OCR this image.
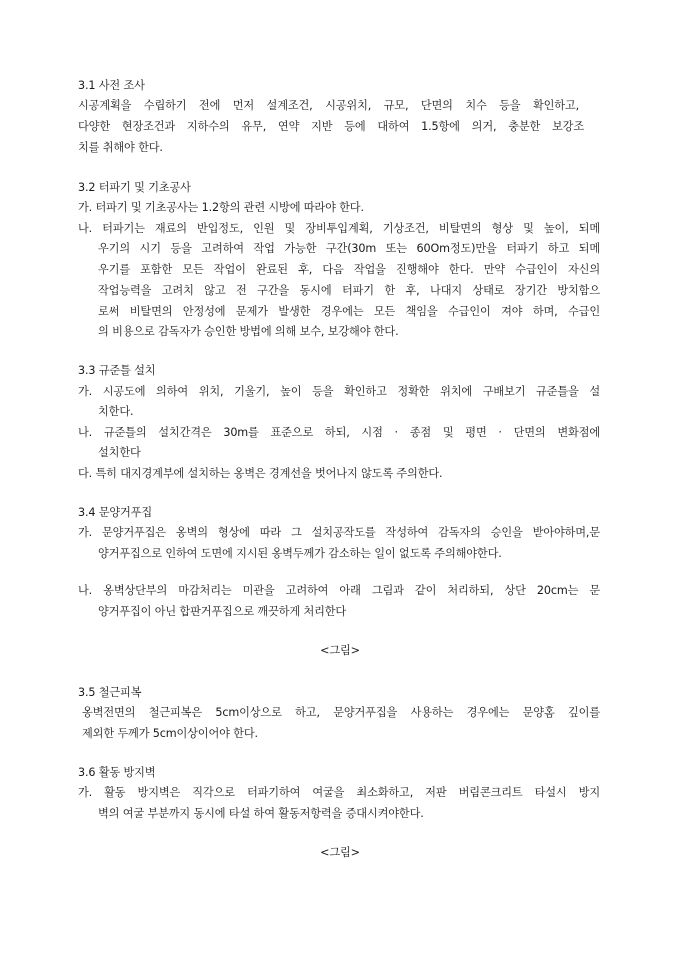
3.1 사전 조사
시공계획을 수립하기 전에 먼저 설계조건, 시공위치, 규모, 단면의 치수 등을 확인하고,
다양한 현장조건과 지하수의 유무, 연약 지반 등에 대하여 1.5항에 의거, 충분한 보강조
치를 취해야 한다.
3.2 터파기 및 기초공사
가. 터파기 및 기초공사는 1.2항의 관련 시방에 따라야 한다.
나. 터파기는 재료의 반입정도, 인원 및 장비투입계획, 기상조건, 비탈면의 형상 및 높이, 되메
우기의 시기 등을 고려하여 작업 가능한 구간(30m 또는 60Om정도)만을 터파기 하고 되메
우기를 포함한 모든 작업이 완료된 후, 다음 작업을 진행해야 한다. 만약 수급인이 자신의
작업능력을 고려치 않고 전 구간을 동시에 터파기 한 후, 나대지 상태로 장기간 방치함으
로써 비탈면의 안정성에 문제가 발생한 경우에는 모든 책임을 수급인이 져야 하며, 수급인
의 비용으로 감독자가 승인한 방법에 의해 보수, 보강해야 한다.
3.3 규준틀 설치
가. 시공도에 의하여 위치, 기울기, 높이 등을 확인하고 정확한 위치에 구배보기 규준틀을 설
치한다.
나. 규준틀의 설치간격은 30m를 표준으로 하되, 시점 · 종점 및 평면 · 단면의 변화점에
설치한다
다. 특히 대지경계부에 설치하는 옹벽은 경계선을 벗어나지 않도록 주의한다.
3.4 문양거푸집
가. 문양거푸집은 옹벽의 형상에 따라 그 설치공작도를 작성하여 감독자의 승인을 받아야하며,문
양거푸집으로 인하여 도면에 지시된 옹벽두께가 감소하는 일이 없도록 주의해야한다.
나. 옹벽상단부의 마감처리는 미관을 고려하여 아래 그림과 같이 처리하되, 상단 20cm는 문
양거푸집이 아닌 합판거푸집으로 깨끗하게 처리한다
<그림>
3.5 철근피복
옹벽전면의 철근피복은 5cm이상으로 하고, 문양거푸집을 사용하는 경우에는 문양홈 깊이를
제외한 두께가 5cm이상이어야 한다.
3.6 활동 방지벽
가. 활동 방지벽은 직각으로 터파기하여 여굴을 최소화하고, 저판 버림콘크리트 타설시 방지
벽의 여굴 부분까지 동시에 타설 하여 활동저항력을 증대시켜야한다.
<그림>
